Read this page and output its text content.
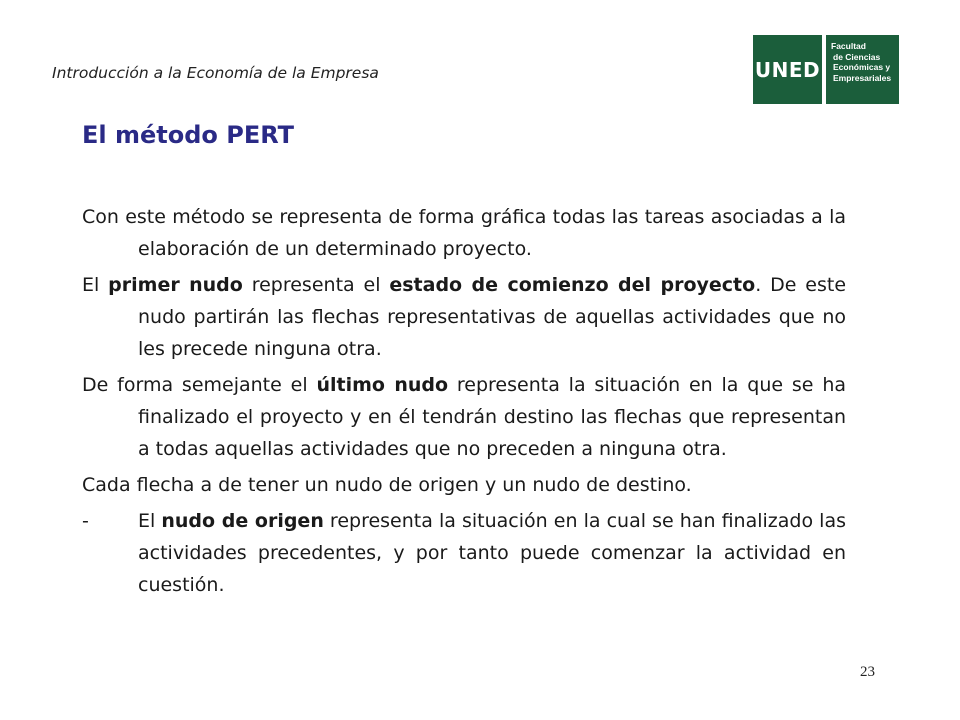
Introducción a la Economía de la Empresa	UNED
Facultad
de Ciencias
Económicas y
Empresariales
El método PERT

Con este método se representa de forma gráfica todas las tareas asociadas a la elaboración de un determinado proyecto.

El primer nudo representa el estado de comienzo del proyecto. De este nudo partirán las flechas representativas de aquellas actividades que no les precede ninguna otra.

De forma semejante el último nudo representa la situación en la que se ha finalizado el proyecto y en él tendrán destino las flechas que representan a todas aquellas actividades que no preceden a ninguna otra.

Cada flecha a de tener un nudo de origen y un nudo de destino.

-	El nudo de origen representa la situación en la cual se han finalizado las actividades precedentes, y por tanto puede comenzar la actividad en cuestión.
23
